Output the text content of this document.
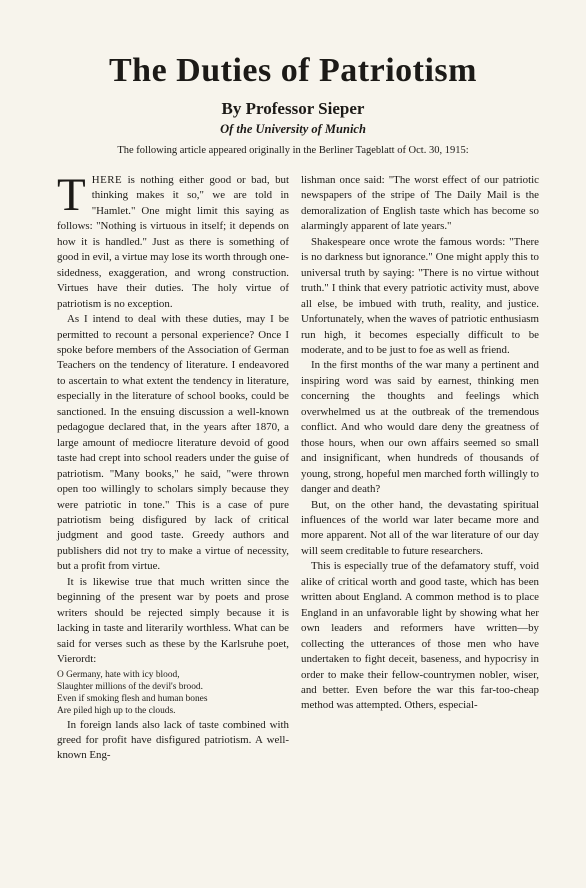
The Duties of Patriotism
By Professor Sieper
Of the University of Munich
The following article appeared originally in the Berliner Tageblatt of Oct. 30, 1915:

THERE is nothing either good or bad, but thinking makes it so," we are told in "Hamlet." One might limit this saying as follows: "Nothing is virtuous in itself; it depends on how it is handled." Just as there is something of good in evil, a virtue may lose its worth through one-sidedness, exaggeration, and wrong construction. Virtues have their duties. The holy virtue of patriotism is no exception.

As I intend to deal with these duties, may I be permitted to recount a personal experience? Once I spoke before members of the Association of German Teachers on the tendency of literature. I endeavored to ascertain to what extent the tendency in literature, especially in the literature of school books, could be sanctioned. In the ensuing discussion a well-known pedagogue declared that, in the years after 1870, a large amount of mediocre literature devoid of good taste had crept into school readers under the guise of patriotism. "Many books," he said, "were thrown open too willingly to scholars simply because they were patriotic in tone." This is a case of pure patriotism being disfigured by lack of critical judgment and good taste. Greedy authors and publishers did not try to make a virtue of necessity, but a profit from virtue.

It is likewise true that much written since the beginning of the present war by poets and prose writers should be rejected simply because it is lacking in taste and literarily worthless. What can be said for verses such as these by the Karlsruhe poet, Vierordt:

O Germany, hate with icy blood,
Slaughter millions of the devil's brood.
Even if smoking flesh and human bones
Are piled high up to the clouds.

In foreign lands also lack of taste combined with greed for profit have disfigured patriotism. A well-known Eng-

lishman once said: "The worst effect of our patriotic newspapers of the stripe of The Daily Mail is the demoralization of English taste which has become so alarmingly apparent of late years."

Shakespeare once wrote the famous words: "There is no darkness but ignorance." One might apply this to universal truth by saying: "There is no virtue without truth." I think that every patriotic activity must, above all else, be imbued with truth, reality, and justice. Unfortunately, when the waves of patriotic enthusiasm run high, it becomes especially difficult to be moderate, and to be just to foe as well as friend.

In the first months of the war many a pertinent and inspiring word was said by earnest, thinking men concerning the thoughts and feelings which overwhelmed us at the outbreak of the tremendous conflict. And who would dare deny the greatness of those hours, when our own affairs seemed so small and insignificant, when hundreds of thousands of young, strong, hopeful men marched forth willingly to danger and death?

But, on the other hand, the devastating spiritual influences of the world war later became more and more apparent. Not all of the war literature of our day will seem creditable to future researchers.

This is especially true of the defamatory stuff, void alike of critical worth and good taste, which has been written about England. A common method is to place England in an unfavorable light by showing what her own leaders and reformers have written—by collecting the utterances of those men who have undertaken to fight deceit, baseness, and hypocrisy in order to make their fellow-countrymen nobler, wiser, and better. Even before the war this far-too-cheap method was attempted. Others, especial-
